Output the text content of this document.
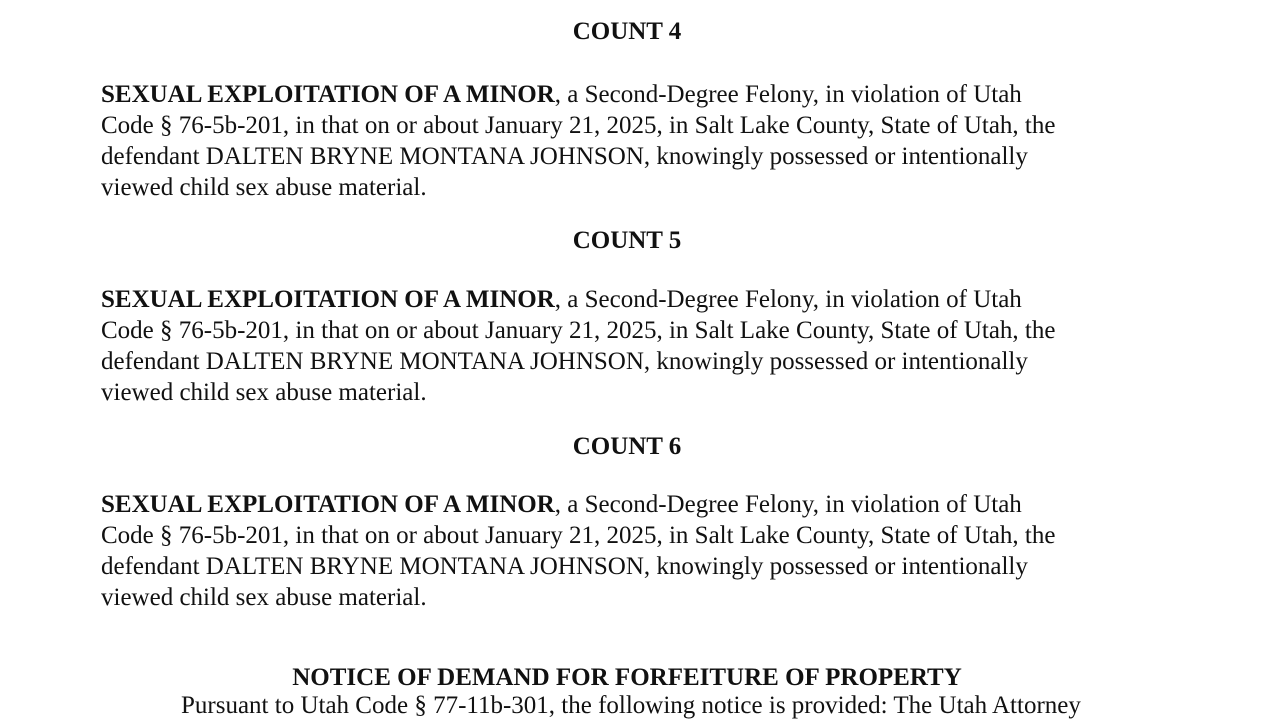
COUNT 4

SEXUAL EXPLOITATION OF A MINOR, a Second-Degree Felony, in violation of Utah
Code § 76-5b-201, in that on or about January 21, 2025, in Salt Lake County, State of Utah, the
defendant DALTEN BRYNE MONTANA JOHNSON, knowingly possessed or intentionally
viewed child sex abuse material.

COUNT 5

SEXUAL EXPLOITATION OF A MINOR, a Second-Degree Felony, in violation of Utah
Code § 76-5b-201, in that on or about January 21, 2025, in Salt Lake County, State of Utah, the
defendant DALTEN BRYNE MONTANA JOHNSON, knowingly possessed or intentionally
viewed child sex abuse material.

COUNT 6

SEXUAL EXPLOITATION OF A MINOR, a Second-Degree Felony, in violation of Utah
Code § 76-5b-201, in that on or about January 21, 2025, in Salt Lake County, State of Utah, the
defendant DALTEN BRYNE MONTANA JOHNSON, knowingly possessed or intentionally
viewed child sex abuse material.

NOTICE OF DEMAND FOR FORFEITURE OF PROPERTY

Pursuant to Utah Code § 77-11b-301, the following notice is provided: The Utah Attorney
